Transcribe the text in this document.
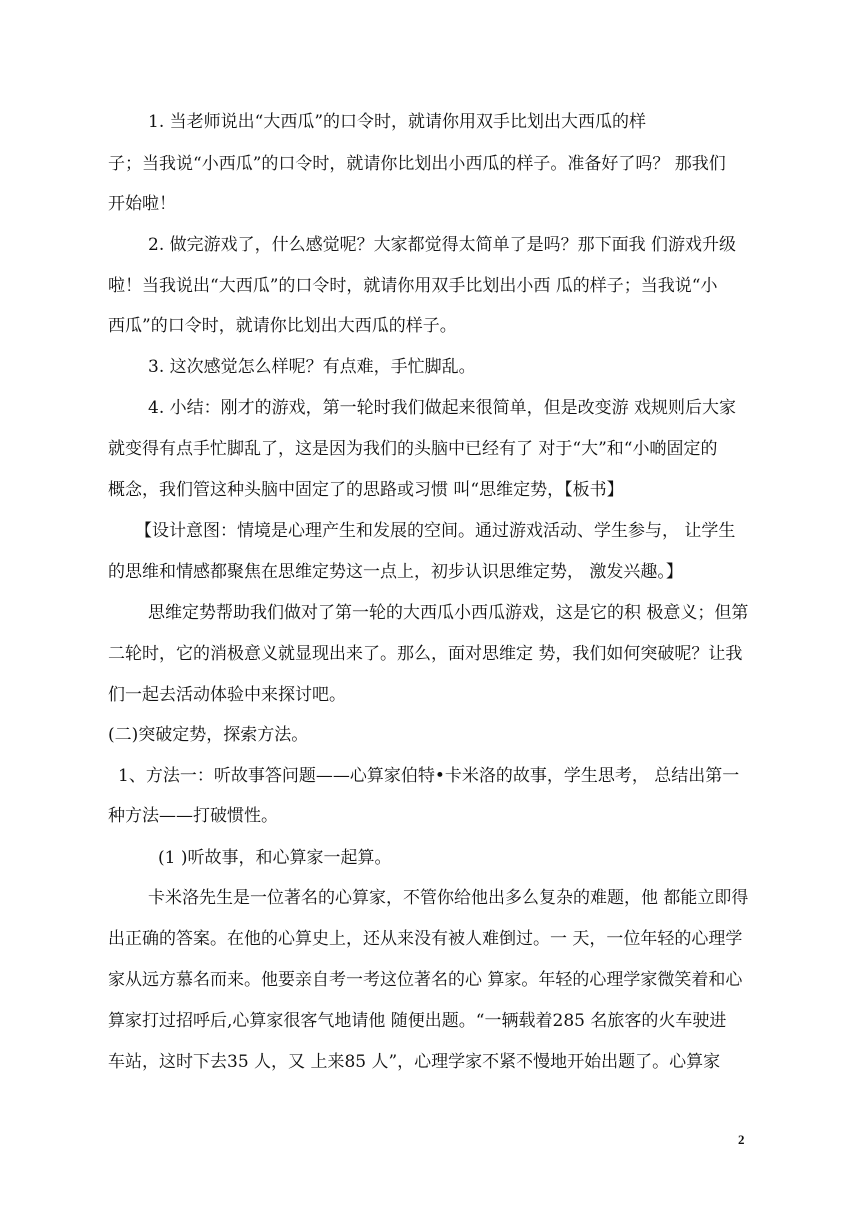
1. 当老师说出“大西瓜”的口令时，就请你用双手比划出大西瓜的样
子；当我说“小西瓜”的口令时，就请你比划出小西瓜的样子。准备好了吗？ 那我们
开始啦！
2. 做完游戏了，什么感觉呢？大家都觉得太简单了是吗？那下面我 们游戏升级
啦！当我说出“大西瓜”的口令时，就请你用双手比划出小西 瓜的样子；当我说“小
西瓜”的口令时，就请你比划出大西瓜的样子。
3. 这次感觉怎么样呢？有点难，手忙脚乱。
4. 小结：刚才的游戏，第一轮时我们做起来很简单，但是改变游 戏规则后大家
就变得有点手忙脚乱了，这是因为我们的头脑中已经有了 对于“大”和“小啲固定的
概念，我们管这种头脑中固定了的思路或习惯 叫“思维定势，【板书】
【设计意图：情境是心理产生和发展的空间。通过游戏活动、学生参与， 让学生
的思维和情感都聚焦在思维定势这一点上，初步认识思维定势， 激发兴趣。】
思维定势帮助我们做对了第一轮的大西瓜小西瓜游戏，这是它的积 极意义；但第
二轮时，它的消极意义就显现出来了。那么，面对思维定 势，我们如何突破呢？让我
们一起去活动体验中来探讨吧。
(二)突破定势，探索方法。
1、方法一：听故事答问题——心算家伯特•卡米洛的故事，学生思考， 总结出第一
种方法——打破惯性。
(1 )听故事，和心算家一起算。
卡米洛先生是一位著名的心算家，不管你给他出多么复杂的难题，他 都能立即得
出正确的答案。在他的心算史上，还从来没有被人难倒过。一 天，一位年轻的心理学
家从远方慕名而来。他要亲自考一考这位著名的心 算家。年轻的心理学家微笑着和心
算家打过招呼后,心算家很客气地请他 随便出题。“一辆载着285 名旅客的火车驶进
车站，这时下去35 人，又 上来85 人”，心理学家不紧不慢地开始出题了。心算家
2
